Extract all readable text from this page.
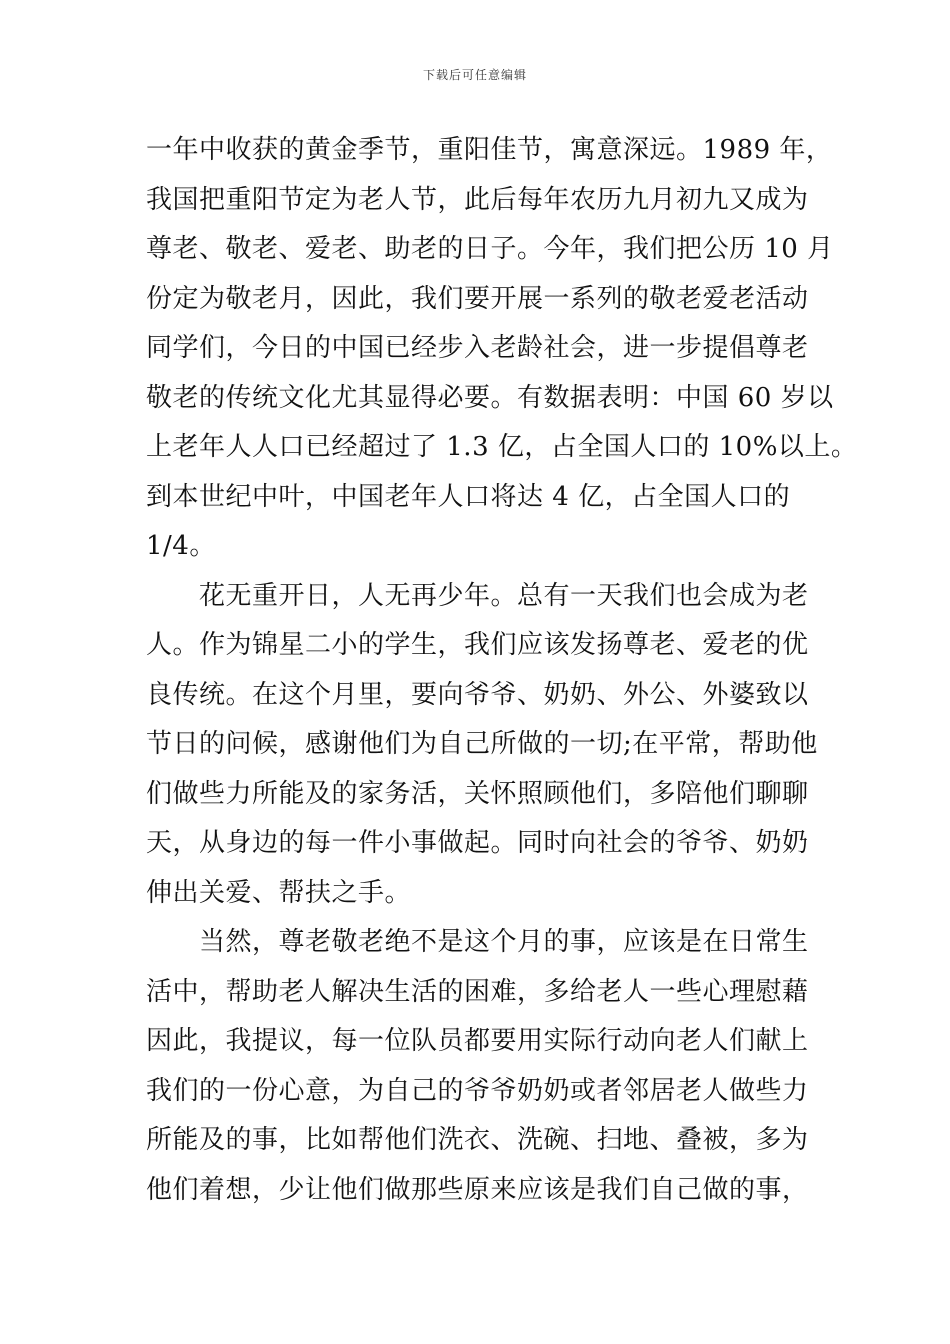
下载后可任意编辑
一年中收获的黄金季节，重阳佳节，寓意深远。1989 年，
我国把重阳节定为老人节，此后每年农历九月初九又成为
尊老、敬老、爱老、助老的日子。今年，我们把公历 10 月
份定为敬老月，因此，我们要开展一系列的敬老爱老活动
同学们，今日的中国已经步入老龄社会，进一步提倡尊老
敬老的传统文化尤其显得必要。有数据表明：中国 60 岁以
上老年人人口已经超过了 1.3 亿，占全国人口的 10%以上。
到本世纪中叶，中国老年人口将达 4 亿，占全国人口的
1/4。
　　花无重开日，人无再少年。总有一天我们也会成为老
人。作为锦星二小的学生，我们应该发扬尊老、爱老的优
良传统。在这个月里，要向爷爷、奶奶、外公、外婆致以
节日的问候，感谢他们为自己所做的一切;在平常，帮助他
们做些力所能及的家务活，关怀照顾他们，多陪他们聊聊
天，从身边的每一件小事做起。同时向社会的爷爷、奶奶
伸出关爱、帮扶之手。
　　当然，尊老敬老绝不是这个月的事，应该是在日常生
活中，帮助老人解决生活的困难，多给老人一些心理慰藉
因此，我提议，每一位队员都要用实际行动向老人们献上
我们的一份心意，为自己的爷爷奶奶或者邻居老人做些力
所能及的事，比如帮他们洗衣、洗碗、扫地、叠被，多为
他们着想，少让他们做那些原来应该是我们自己做的事，
